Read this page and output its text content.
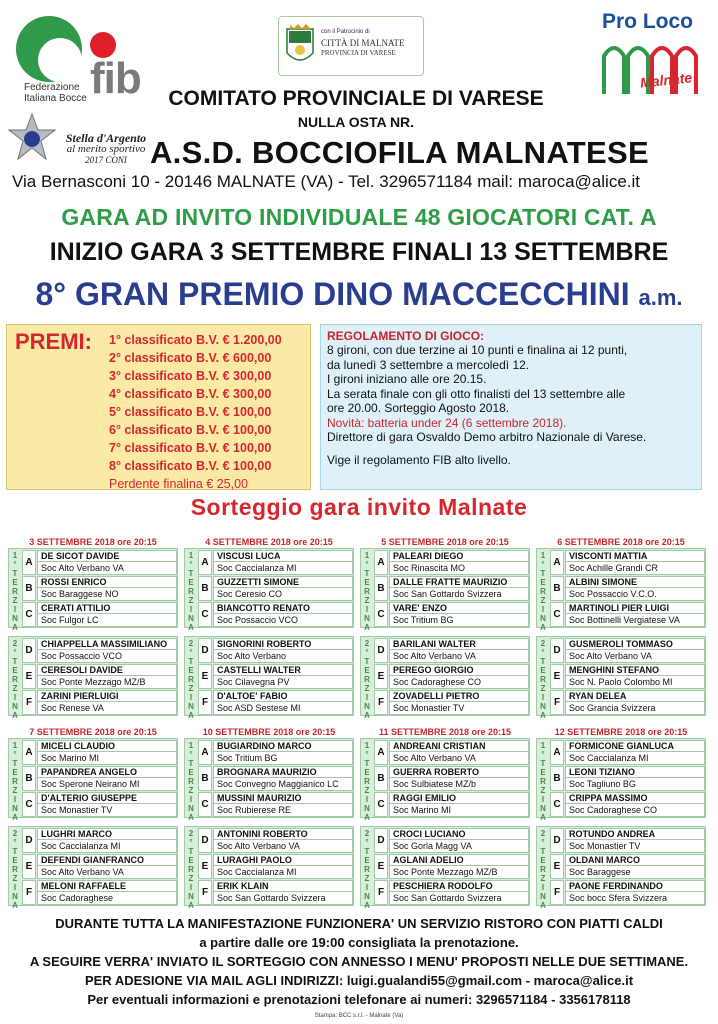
fib
Federazione Italiana Bocce
con il Patrocinio di
CITTÀ DI MALNATE
PROVINCIA DI VARESE
Pro Loco
Malnate
Stella d'Argento
al merito sportivo
2017 CONI
COMITATO PROVINCIALE DI VARESE
NULLA OSTA NR.
A.S.D. BOCCIOFILA MALNATESE
Via Bernasconi 10 - 20146 MALNATE (VA) - Tel. 3296571184 mail: maroca@alice.it
GARA AD INVITO INDIVIDUALE 48 GIOCATORI CAT. A
INIZIO GARA 3 SETTEMBRE FINALI 13 SETTEMBRE
8° GRAN PREMIO DINO MACCECCHINI a.m.
PREMI: 1° classificato B.V. € 1.200,00
2° classificato B.V. € 600,00
3° classificato B.V. € 300,00
4° classificato B.V. € 300,00
5° classificato B.V. € 100,00
6° classificato B.V. € 100,00
7° classificato B.V. € 100,00
8° classificato B.V. € 100,00
Perdente finalina € 25,00
REGOLAMENTO DI GIOCO:
8 gironi, con due terzine ai 10 punti e finalina ai 12 punti,
da lunedì 3 settembre a mercoledì 12.
I gironi iniziano alle ore 20.15.
La serata finale con gli otto finalisti del 13 settembre alle
ore 20.00. Sorteggio Agosto 2018.
Novità: batteria under 24 (6 settembre 2018).
Direttore di gara Osvaldo Demo arbitro Nazionale di Varese.
Vige il regolamento FIB alto livello.
Sorteggio gara invito Malnate
3 SETTEMBRE 2018 ore 20:15
1
°
T
E
R
Z
I
N
A
A
DE SICOT DAVIDE
Soc Alto Verbano VA
B
ROSSI ENRICO
Soc Baraggese NO
C
CERATI ATTILIO
Soc Fulgor LC
2
°
T
E
R
Z
I
N
A
D
CHIAPPELLA MASSIMILIANO
Soc Possaccio VCO
E
CERESOLI DAVIDE
Soc Ponte Mezzago MZ/B
F
ZARINI PIERLUIGI
Soc Renese VA
4 SETTEMBRE 2018 ore 20:15
1
°
T
E
R
Z
I
N
A
A
VISCUSI LUCA
Soc Caccialanza MI
B
GUZZETTI SIMONE
Soc Ceresio CO
C
BIANCOTTO RENATO
Soc Possaccio VCO
2
°
T
E
R
Z
I
N
A
D
SIGNORINI ROBERTO
Soc Alto Verbano
E
CASTELLI WALTER
Soc Cilavegna PV
F
D'ALTOE' FABIO
Soc ASD Sestese MI
5 SETTEMBRE 2018 ore 20:15
1
°
T
E
R
Z
I
N
A
A
PALEARI DIEGO
Soc Rinascita MO
B
DALLE FRATTE MAURIZIO
Soc San Gottardo Svizzera
C
VARE' ENZO
Soc Tritium BG
2
°
T
E
R
Z
I
N
A
D
BARILANI WALTER
Soc Alto Verbano VA
E
PEREGO GIORGIO
Soc Cadoraghese CO
F
ZOVADELLI PIETRO
Soc Monastier TV
6 SETTEMBRE 2018 ore 20:15
1
°
T
E
R
Z
I
N
A
A
VISCONTI MATTIA
Soc Achille Grandi CR
B
ALBINI SIMONE
Soc Possaccio V.C.O.
C
MARTINOLI PIER LUIGI
Soc Bottinelli Vergiatese VA
2
°
T
E
R
Z
I
N
A
D
GUSMEROLI TOMMASO
Soc Alto Verbano VA
E
MENGHINI STEFANO
Soc N. Paolo Colombo MI
F
RYAN DELEA
Soc Grancia Svizzera
7 SETTEMBRE 2018 ore 20:15
1
°
T
E
R
Z
I
N
A
A
MICELI CLAUDIO
Soc Marino MI
B
PAPANDREA ANGELO
Soc Sperone Neirano MI
C
D'ALTERIO GIUSEPPE
Soc Monastier TV
2
°
T
E
R
Z
I
N
A
D
LUGHRI MARCO
Soc Caccialanza MI
E
DEFENDI GIANFRANCO
Soc Alto Verbano VA
F
MELONI RAFFAELE
Soc Cadoraghese
10 SETTEMBRE 2018 ore 20:15
1
°
T
E
R
Z
I
N
A
A
BUGIARDINO MARCO
Soc Tritium BG
B
BROGNARA MAURIZIO
Soc Convegno Maggianico LC
C
MUSSINI MAURIZIO
Soc Rubierese RE
2
°
T
E
R
Z
I
N
A
D
ANTONINI ROBERTO
Soc Alto Verbano VA
E
LURAGHI PAOLO
Soc Caccialanza MI
F
ERIK KLAIN
Soc San Gottardo Svizzera
11 SETTEMBRE 2018 ore 20:15
1
°
T
E
R
Z
I
N
A
A
ANDREANI CRISTIAN
Soc Alto Verbano VA
B
GUERRA ROBERTO
Soc Sulbiatese MZ/b
C
RAGGI EMILIO
Soc Marino MI
2
°
T
E
R
Z
I
N
A
D
CROCI LUCIANO
Soc Gorla Magg VA
E
AGLANI ADELIO
Soc Ponte Mezzago MZ/B
F
PESCHIERA RODOLFO
Soc San Gottardo Svizzera
12 SETTEMBRE 2018 ore 20:15
1
°
T
E
R
Z
I
N
A
A
FORMICONE GIANLUCA
Soc Caccialanza MI
B
LEONI TIZIANO
Soc Tagliuno BG
C
CRIPPA MASSIMO
Soc Cadoraghese CO
2
°
T
E
R
Z
I
N
A
D
ROTUNDO ANDREA
Soc Monastier TV
E
OLDANI MARCO
Soc Baraggese
F
PAONE FERDINANDO
Soc bocc Sfera Svizzera
DURANTE TUTTA LA MANIFESTAZIONE FUNZIONERA' UN SERVIZIO RISTORO CON PIATTI CALDI
a partire dalle ore 19:00 consigliata la prenotazione.
A SEGUIRE VERRA' INVIATO IL SORTEGGIO CON ANNESSO I MENU' PROPOSTI NELLE DUE SETTIMANE.
PER ADESIONE VIA MAIL AGLI INDIRIZZI: luigi.gualandi55@gmail.com - maroca@alice.it
Per eventuali informazioni e prenotazioni telefonare ai numeri: 3296571184 - 3356178118
Stampa: BCC s.r.l. - Malnate (Va)
